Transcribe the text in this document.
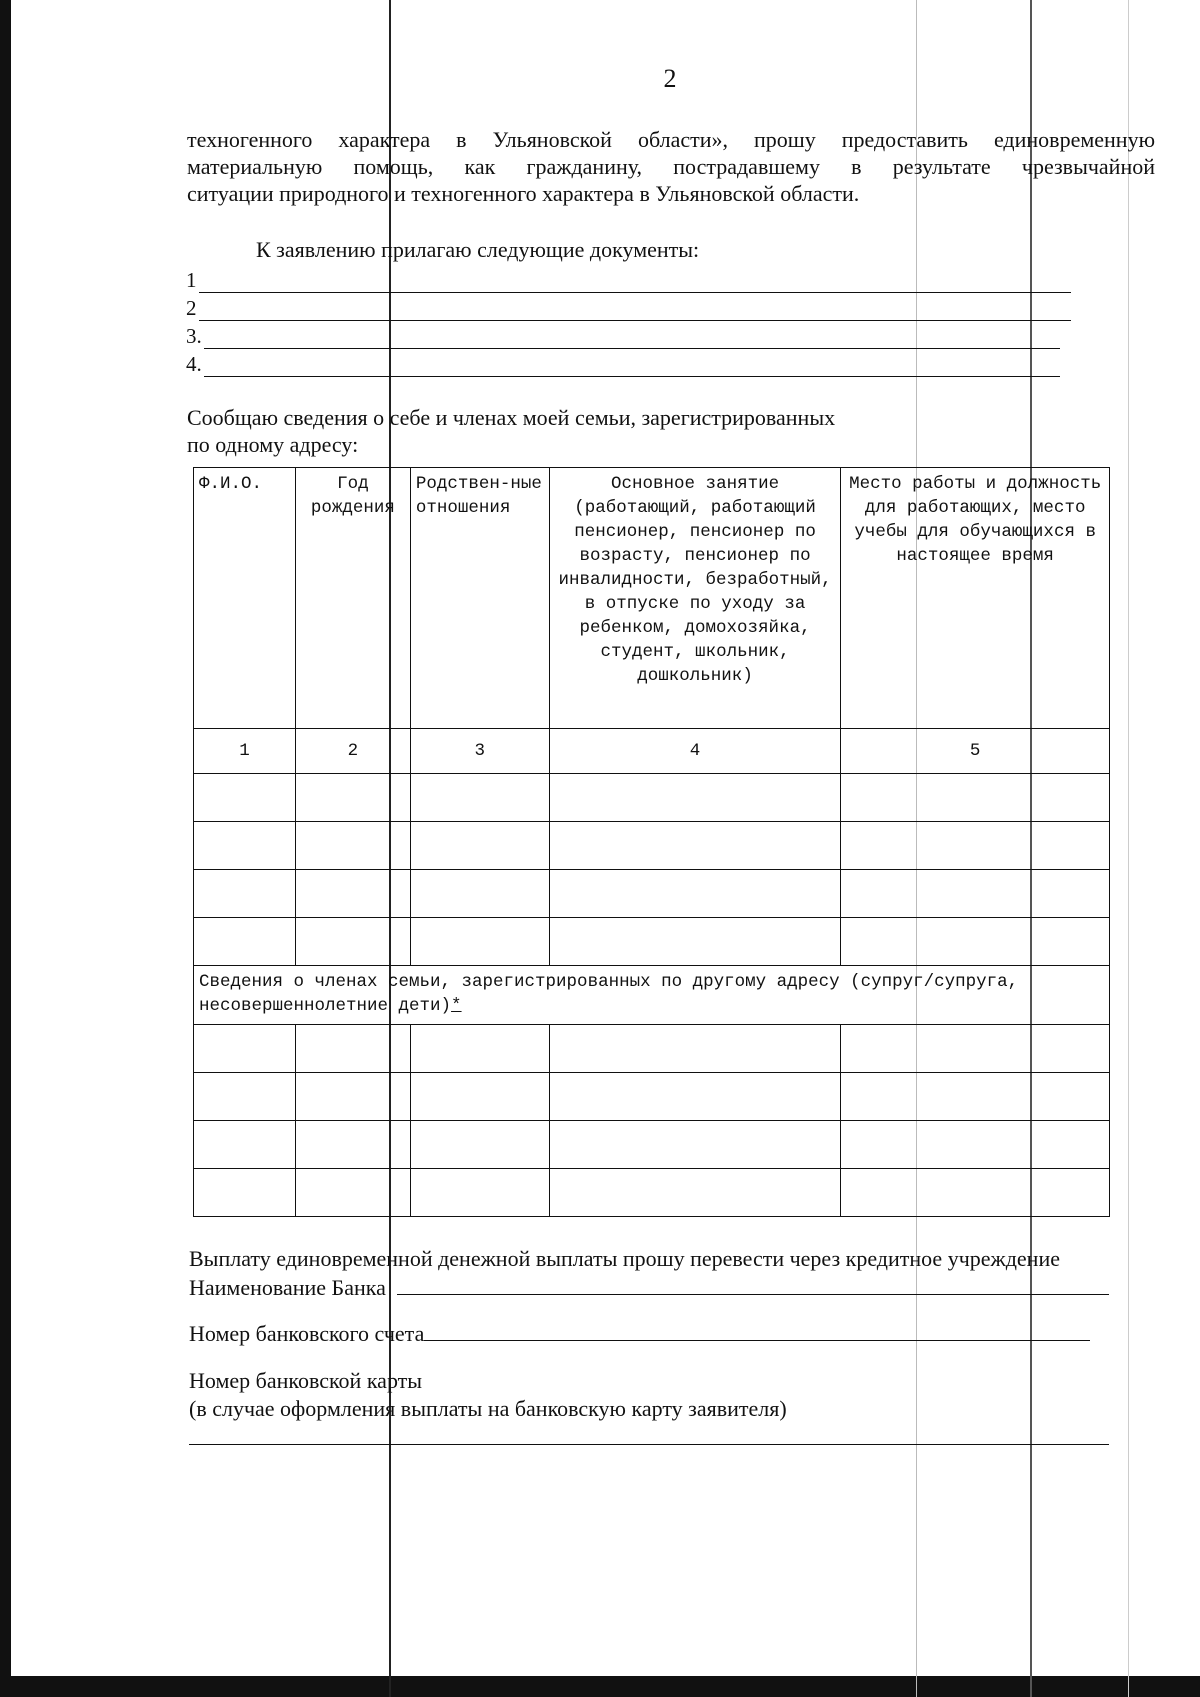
2
техногенного характера в Ульяновской области», прошу предоставить единовременную
материальную помощь, как гражданину, пострадавшему в результате чрезвычайной
ситуации природного и техногенного характера в Ульяновской области.
К заявлению прилагаю следующие документы:
1
2
3.
4.
Сообщаю сведения о себе и членах моей семьи, зарегистрированных
по одному адресу:
Ф.И.О.	Год рождения	Родствен-ные отношения	Основное занятие (работающий, работающий пенсионер, пенсионер по возрасту, пенсионер по инвалидности, безработный, в отпуске по уходу за ребенком, домохозяйка, студент, школьник, дошкольник)	Место работы и должность для работающих, место учебы для обучающихся в настоящее время
1	2	3	4	5

Сведения о членах семьи, зарегистрированных по другому адресу (супруг/супруга, несовершеннолетние дети)*				

Выплату единовременной денежной выплаты прошу перевести через кредитное учреждение
Наименование Банка
Номер банковского счета
Номер банковской карты
(в случае оформления выплаты на банковскую карту заявителя)
